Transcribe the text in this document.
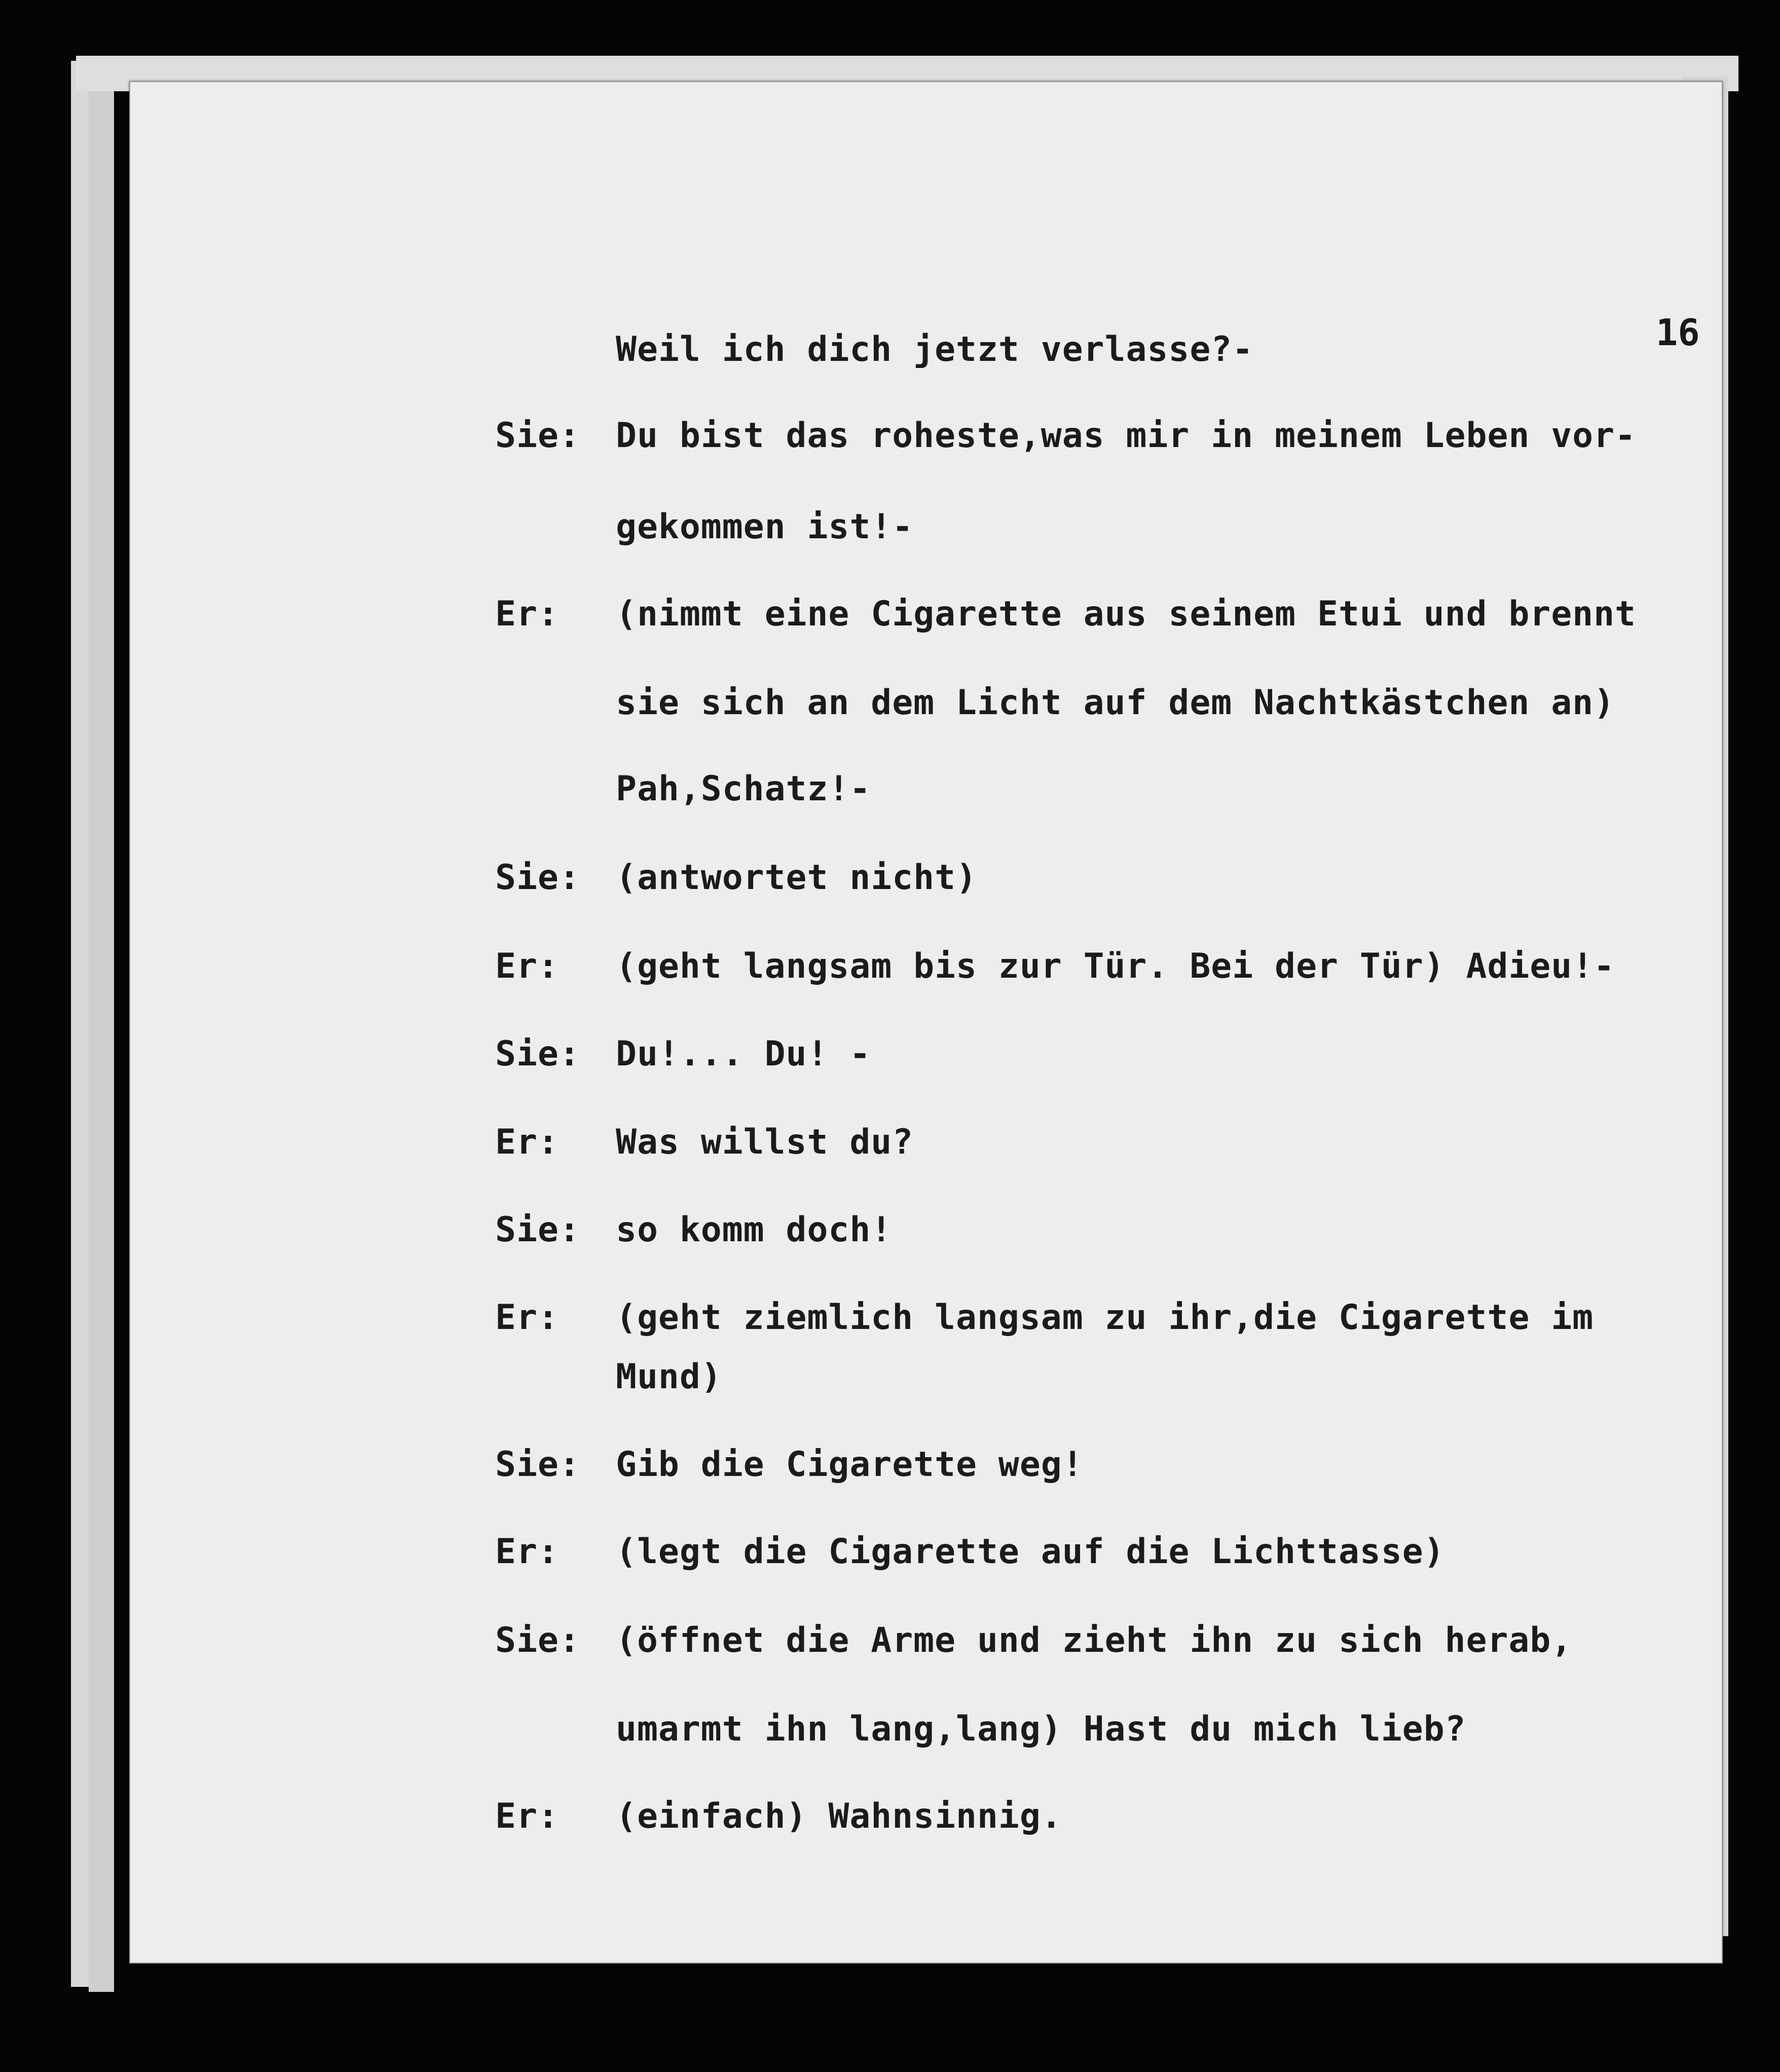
16
Weil ich dich jetzt verlasse?-
Sie: Du bist das roheste,was mir in meinem Leben vor-
gekommen ist!-
Er: (nimmt eine Cigarette aus seinem Etui und brennt
sie sich an dem Licht auf dem Nachtkästchen an)
Pah,Schatz!-
Sie: (antwortet nicht)
Er: (geht langsam bis zur Tür. Bei der Tür) Adieu!-
Sie: Du!... Du! -
Er: Was willst du?
Sie: so komm doch!
Er: (geht ziemlich langsam zu ihr,die Cigarette im
Mund)
Sie: Gib die Cigarette weg!
Er: (legt die Cigarette auf die Lichttasse)
Sie: (öffnet die Arme und zieht ihn zu sich herab,
umarmt ihn lang,lang) Hast du mich lieb?
Er: (einfach) Wahnsinnig.
